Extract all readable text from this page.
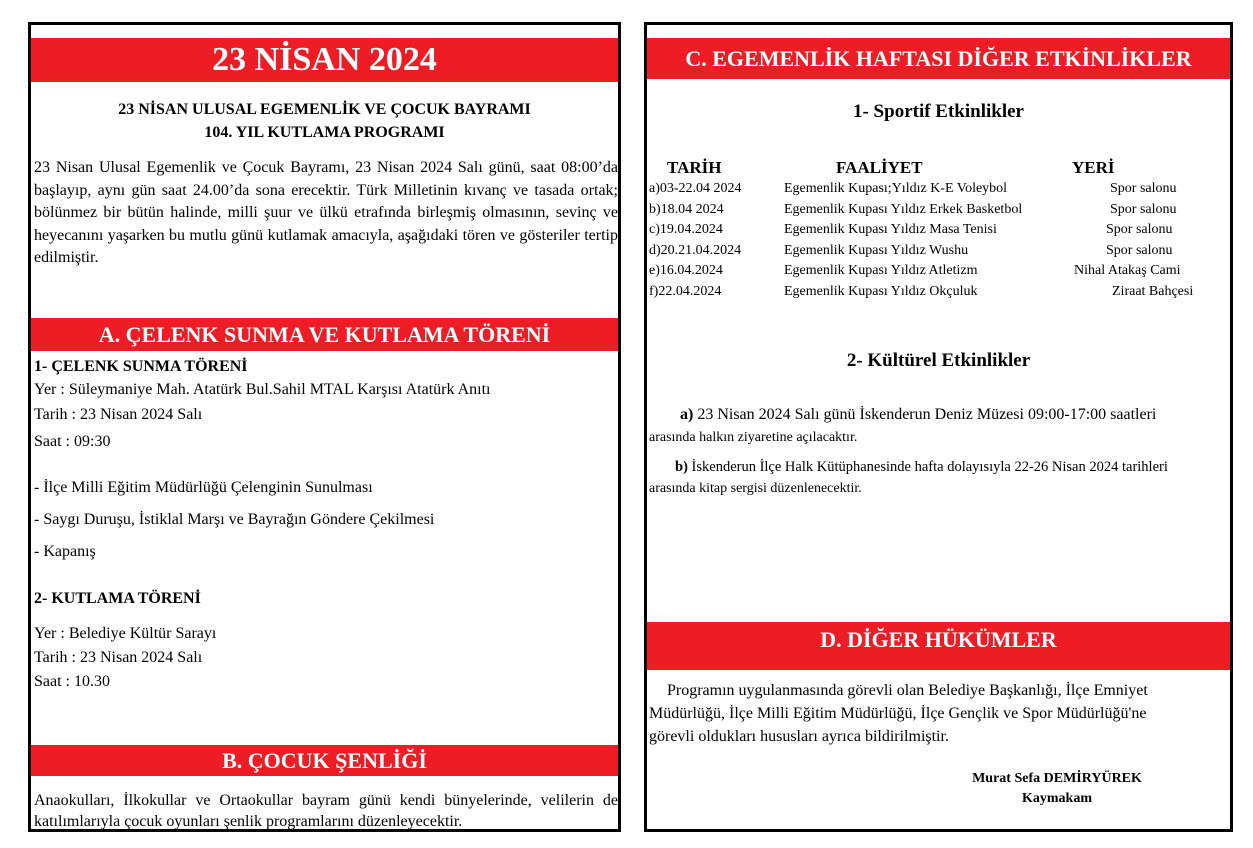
23 NİSAN 2024
23 NİSAN ULUSAL EGEMENLİK VE ÇOCUK BAYRAMI
104. YIL KUTLAMA PROGRAMI
23 Nisan Ulusal Egemenlik ve Çocuk Bayramı, 23 Nisan 2024 Salı günü, saat 08:00’da başlayıp, aynı gün saat 24.00’da sona erecektir. Türk Milletinin kıvanç ve tasada ortak; bölünmez bir bütün halinde, milli şuur ve ülkü etrafında birleşmiş olmasının, sevinç ve heyecanını yaşarken bu mutlu günü kutlamak amacıyla, aşağıdaki tören ve gösteriler tertip edilmiştir.
A. ÇELENK SUNMA VE KUTLAMA TÖRENİ
1- ÇELENK SUNMA TÖRENİ
Yer : Süleymaniye Mah. Atatürk Bul.Sahil MTAL Karşısı Atatürk Anıtı
Tarih : 23 Nisan 2024 Salı
Saat : 09:30
- İlçe Milli Eğitim Müdürlüğü Çelenginin Sunulması
- Saygı Duruşu, İstiklal Marşı ve Bayrağın Göndere Çekilmesi
- Kapanış
2- KUTLAMA TÖRENİ
Yer : Belediye Kültür Sarayı
Tarih : 23 Nisan 2024 Salı
Saat : 10.30
B. ÇOCUK ŞENLİĞİ
Anaokulları, İlkokullar ve Ortaokullar bayram günü kendi bünyelerinde, velilerin de katılımlarıyla çocuk oyunları şenlik programlarını düzenleyecektir.
C. EGEMENLİK HAFTASI DİĞER ETKİNLİKLER
1- Sportif Etkinlikler
TARİH	FAALİYET	YERİ
a)03-22.04 2024	Egemenlik Kupası;Yıldız K-E Voleybol	Spor salonu
b)18.04 2024	Egemenlik Kupası Yıldız Erkek Basketbol	Spor salonu
c)19.04.2024	Egemenlik Kupası Yıldız Masa Tenisi	Spor salonu
d)20.21.04.2024	Egemenlik Kupası Yıldız Wushu	Spor salonu
e)16.04.2024	Egemenlik Kupası Yıldız Atletizm	Nihal Atakaş Cami
f)22.04.2024	Egemenlik Kupası Yıldız Okçuluk	Ziraat Bahçesi
2- Kültürel Etkinlikler
a) 23 Nisan 2024 Salı günü İskenderun Deniz Müzesi 09:00-17:00 saatleri
arasında halkın ziyaretine açılacaktır.
b) İskenderun İlçe Halk Kütüphanesinde hafta dolayısıyla 22-26 Nisan 2024 tarihleri
arasında kitap sergisi düzenlenecektir.
D. DİĞER HÜKÜMLER
Programın uygulanmasında görevli olan Belediye Başkanlığı, İlçe Emniyet
Müdürlüğü, İlçe Milli Eğitim Müdürlüğü, İlçe Gençlik ve Spor Müdürlüğü'ne
görevli oldukları hususları ayrıca bildirilmiştir.
Murat Sefa DEMİRYÜREK
Kaymakam
